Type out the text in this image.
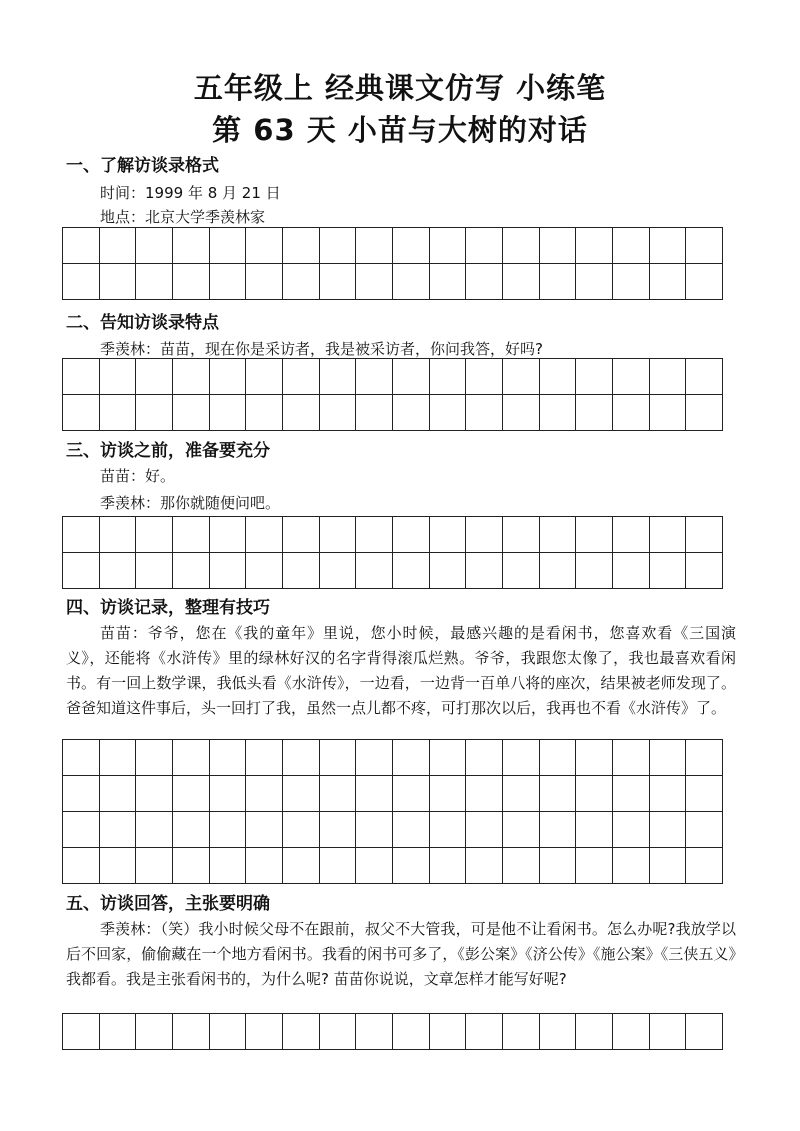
五年级上 经典课文仿写 小练笔
第 63 天 小苗与大树的对话
一、了解访谈录格式
时间：1999 年 8 月 21 日
地点：北京大学季羡林家
二、告知访谈录特点
季羡林：苗苗，现在你是采访者，我是被采访者，你问我答，好吗?
三、访谈之前，准备要充分
苗苗：好。
季羡林：那你就随便问吧。
四、访谈记录，整理有技巧

苗苗：爷爷，您在《我的童年》里说，您小时候，最感兴趣的是看闲书，您喜欢看《三国演义》，还能将《水浒传》里的绿林好汉的名字背得滚瓜烂熟。爷爷，我跟您太像了，我也最喜欢看闲书。有一回上数学课，我低头看《水浒传》，一边看，一边背一百单八将的座次，结果被老师发现了。爸爸知道这件事后，头一回打了我，虽然一点儿都不疼，可打那次以后，我再也不看《水浒传》了。

五、访谈回答，主张要明确

季羡林：（笑）我小时候父母不在跟前，叔父不大管我，可是他不让看闲书。怎么办呢?我放学以后不回家，偷偷藏在一个地方看闲书。我看的闲书可多了，《彭公案》《济公传》《施公案》《三侠五义》我都看。我是主张看闲书的，为什么呢? 苗苗你说说，文章怎样才能写好呢?
